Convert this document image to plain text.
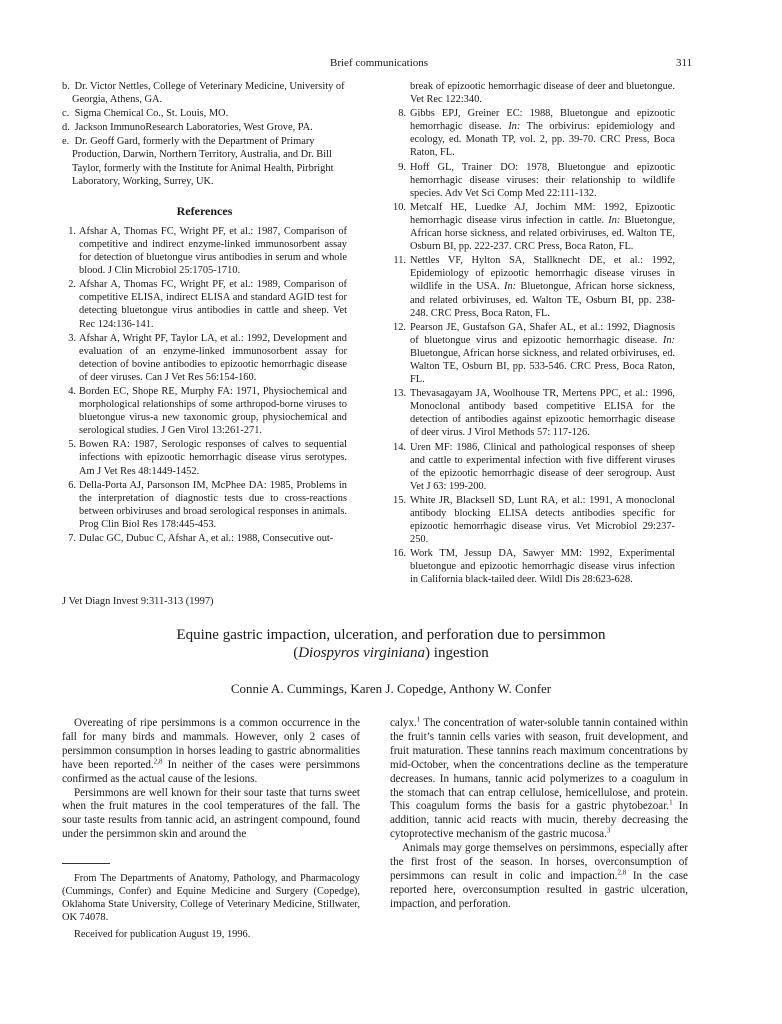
Brief communications	311
b. Dr. Victor Nettles, College of Veterinary Medicine, University of Georgia, Athens, GA.
c. Sigma Chemical Co., St. Louis, MO.
d. Jackson ImmunoResearch Laboratories, West Grove, PA.
e. Dr. Geoff Gard, formerly with the Department of Primary Production, Darwin, Northern Territory, Australia, and Dr. Bill Taylor, formerly with the Institute for Animal Health, Pirbright Laboratory, Working, Surrey, UK.
References
1. Afshar A, Thomas FC, Wright PF, et al.: 1987, Comparison of competitive and indirect enzyme-linked immunosorbent assay for detection of bluetongue virus antibodies in serum and whole blood. J Clin Microbiol 25:1705-1710.
2. Afshar A, Thomas FC, Wright PF, et al.: 1989, Comparison of competitive ELISA, indirect ELISA and standard AGID test for detecting bluetongue virus antibodies in cattle and sheep. Vet Rec 124:136-141.
3. Afshar A, Wright PF, Taylor LA, et al.: 1992, Development and evaluation of an enzyme-linked immunosorbent assay for detection of bovine antibodies to epizootic hemorrhagic disease of deer viruses. Can J Vet Res 56:154-160.
4. Borden EC, Shope RE, Murphy FA: 1971, Physiochemical and morphological relationships of some arthropod-borne viruses to bluetongue virus-a new taxonomic group, physiochemical and serological studies. J Gen Virol 13:261-271.
5. Bowen RA: 1987, Serologic responses of calves to sequential infections with epizootic hemorrhagic disease virus serotypes. Am J Vet Res 48:1449-1452.
6. Della-Porta AJ, Parsonson IM, McPhee DA: 1985, Problems in the interpretation of diagnostic tests due to cross-reactions between orbiviruses and broad serological responses in animals. Prog Clin Biol Res 178:445-453.
7. Dulac GC, Dubuc C, Afshar A, et al.: 1988, Consecutive out-
break of epizootic hemorrhagic disease of deer and bluetongue. Vet Rec 122:340.
8. Gibbs EPJ, Greiner EC: 1988, Bluetongue and epizootic hemorrhagic disease. In: The orbivirus: epidemiology and ecology, ed. Monath TP, vol. 2, pp. 39-70. CRC Press, Boca Raton, FL.
9. Hoff GL, Trainer DO: 1978, Bluetongue and epizootic hemorrhagic disease viruses: their relationship to wildlife species. Adv Vet Sci Comp Med 22:111-132.
10. Metcalf HE, Luedke AJ, Jochim MM: 1992, Epizootic hemorrhagic disease virus infection in cattle. In: Bluetongue, African horse sickness, and related orbiviruses, ed. Walton TE, Osburn BI, pp. 222-237. CRC Press, Boca Raton, FL.
11. Nettles VF, Hylton SA, Stallknecht DE, et al.: 1992, Epidemiology of epizootic hemorrhagic disease viruses in wildlife in the USA. In: Bluetongue, African horse sickness, and related orbiviruses, ed. Walton TE, Osburn BI, pp. 238-248. CRC Press, Boca Raton, FL.
12. Pearson JE, Gustafson GA, Shafer AL, et al.: 1992, Diagnosis of bluetongue virus and epizootic hemorrhagic disease. In: Bluetongue, African horse sickness, and related orbiviruses, ed. Walton TE, Osburn BI, pp. 533-546. CRC Press, Boca Raton, FL.
13. Thevasagayam JA, Woolhouse TR, Mertens PPC, et al.: 1996, Monoclonal antibody based competitive ELISA for the detection of antibodies against epizootic hemorrhagic disease of deer virus. J Virol Methods 57: 117-126.
14. Uren MF: 1986, Clinical and pathological responses of sheep and cattle to experimental infection with five different viruses of the epizootic hemorrhagic disease of deer serogroup. Aust Vet J 63: 199-200.
15. White JR, Blacksell SD, Lunt RA, et al.: 1991, A monoclonal antibody blocking ELISA detects antibodies specific for epizootic hemorrhagic disease virus. Vet Microbiol 29:237-250.
16. Work TM, Jessup DA, Sawyer MM: 1992, Experimental bluetongue and epizootic hemorrhagic disease virus infection in California black-tailed deer. Wildl Dis 28:623-628.
J Vet Diagn Invest 9:311-313 (1997)
Equine gastric impaction, ulceration, and perforation due to persimmon
(Diospyros virginiana) ingestion
Connie A. Cummings, Karen J. Copedge, Anthony W. Confer

Overeating of ripe persimmons is a common occurrence in the fall for many birds and mammals. However, only 2 cases of persimmon consumption in horses leading to gastric abnormalities have been reported.$^{2,8}$ In neither of the cases were persimmons confirmed as the actual cause of the lesions.

Persimmons are well known for their sour taste that turns sweet when the fruit matures in the cool temperatures of the fall. The sour taste results from tannic acid, an astringent compound, found under the persimmon skin and around the

From The Departments of Anatomy, Pathology, and Pharmacology (Cummings, Confer) and Equine Medicine and Surgery (Copedge), Oklahoma State University, College of Veterinary Medicine, Stillwater, OK 74078.

Received for publication August 19, 1996.

calyx.$^1$ The concentration of water-soluble tannin contained within the fruit’s tannin cells varies with season, fruit development, and fruit maturation. These tannins reach maximum concentrations by mid-October, when the concentrations decline as the temperature decreases. In humans, tannic acid polymerizes to a coagulum in the stomach that can entrap cellulose, hemicellulose, and protein. This coagulum forms the basis for a gastric phytobezoar.$^1$ In addition, tannic acid reacts with mucin, thereby decreasing the cytoprotective mechanism of the gastric mucosa.$^3$

Animals may gorge themselves on persimmons, especially after the first frost of the season. In horses, overconsumption of persimmons can result in colic and impaction.$^{2,8}$ In the case reported here, overconsumption resulted in gastric ulceration, impaction, and perforation.
